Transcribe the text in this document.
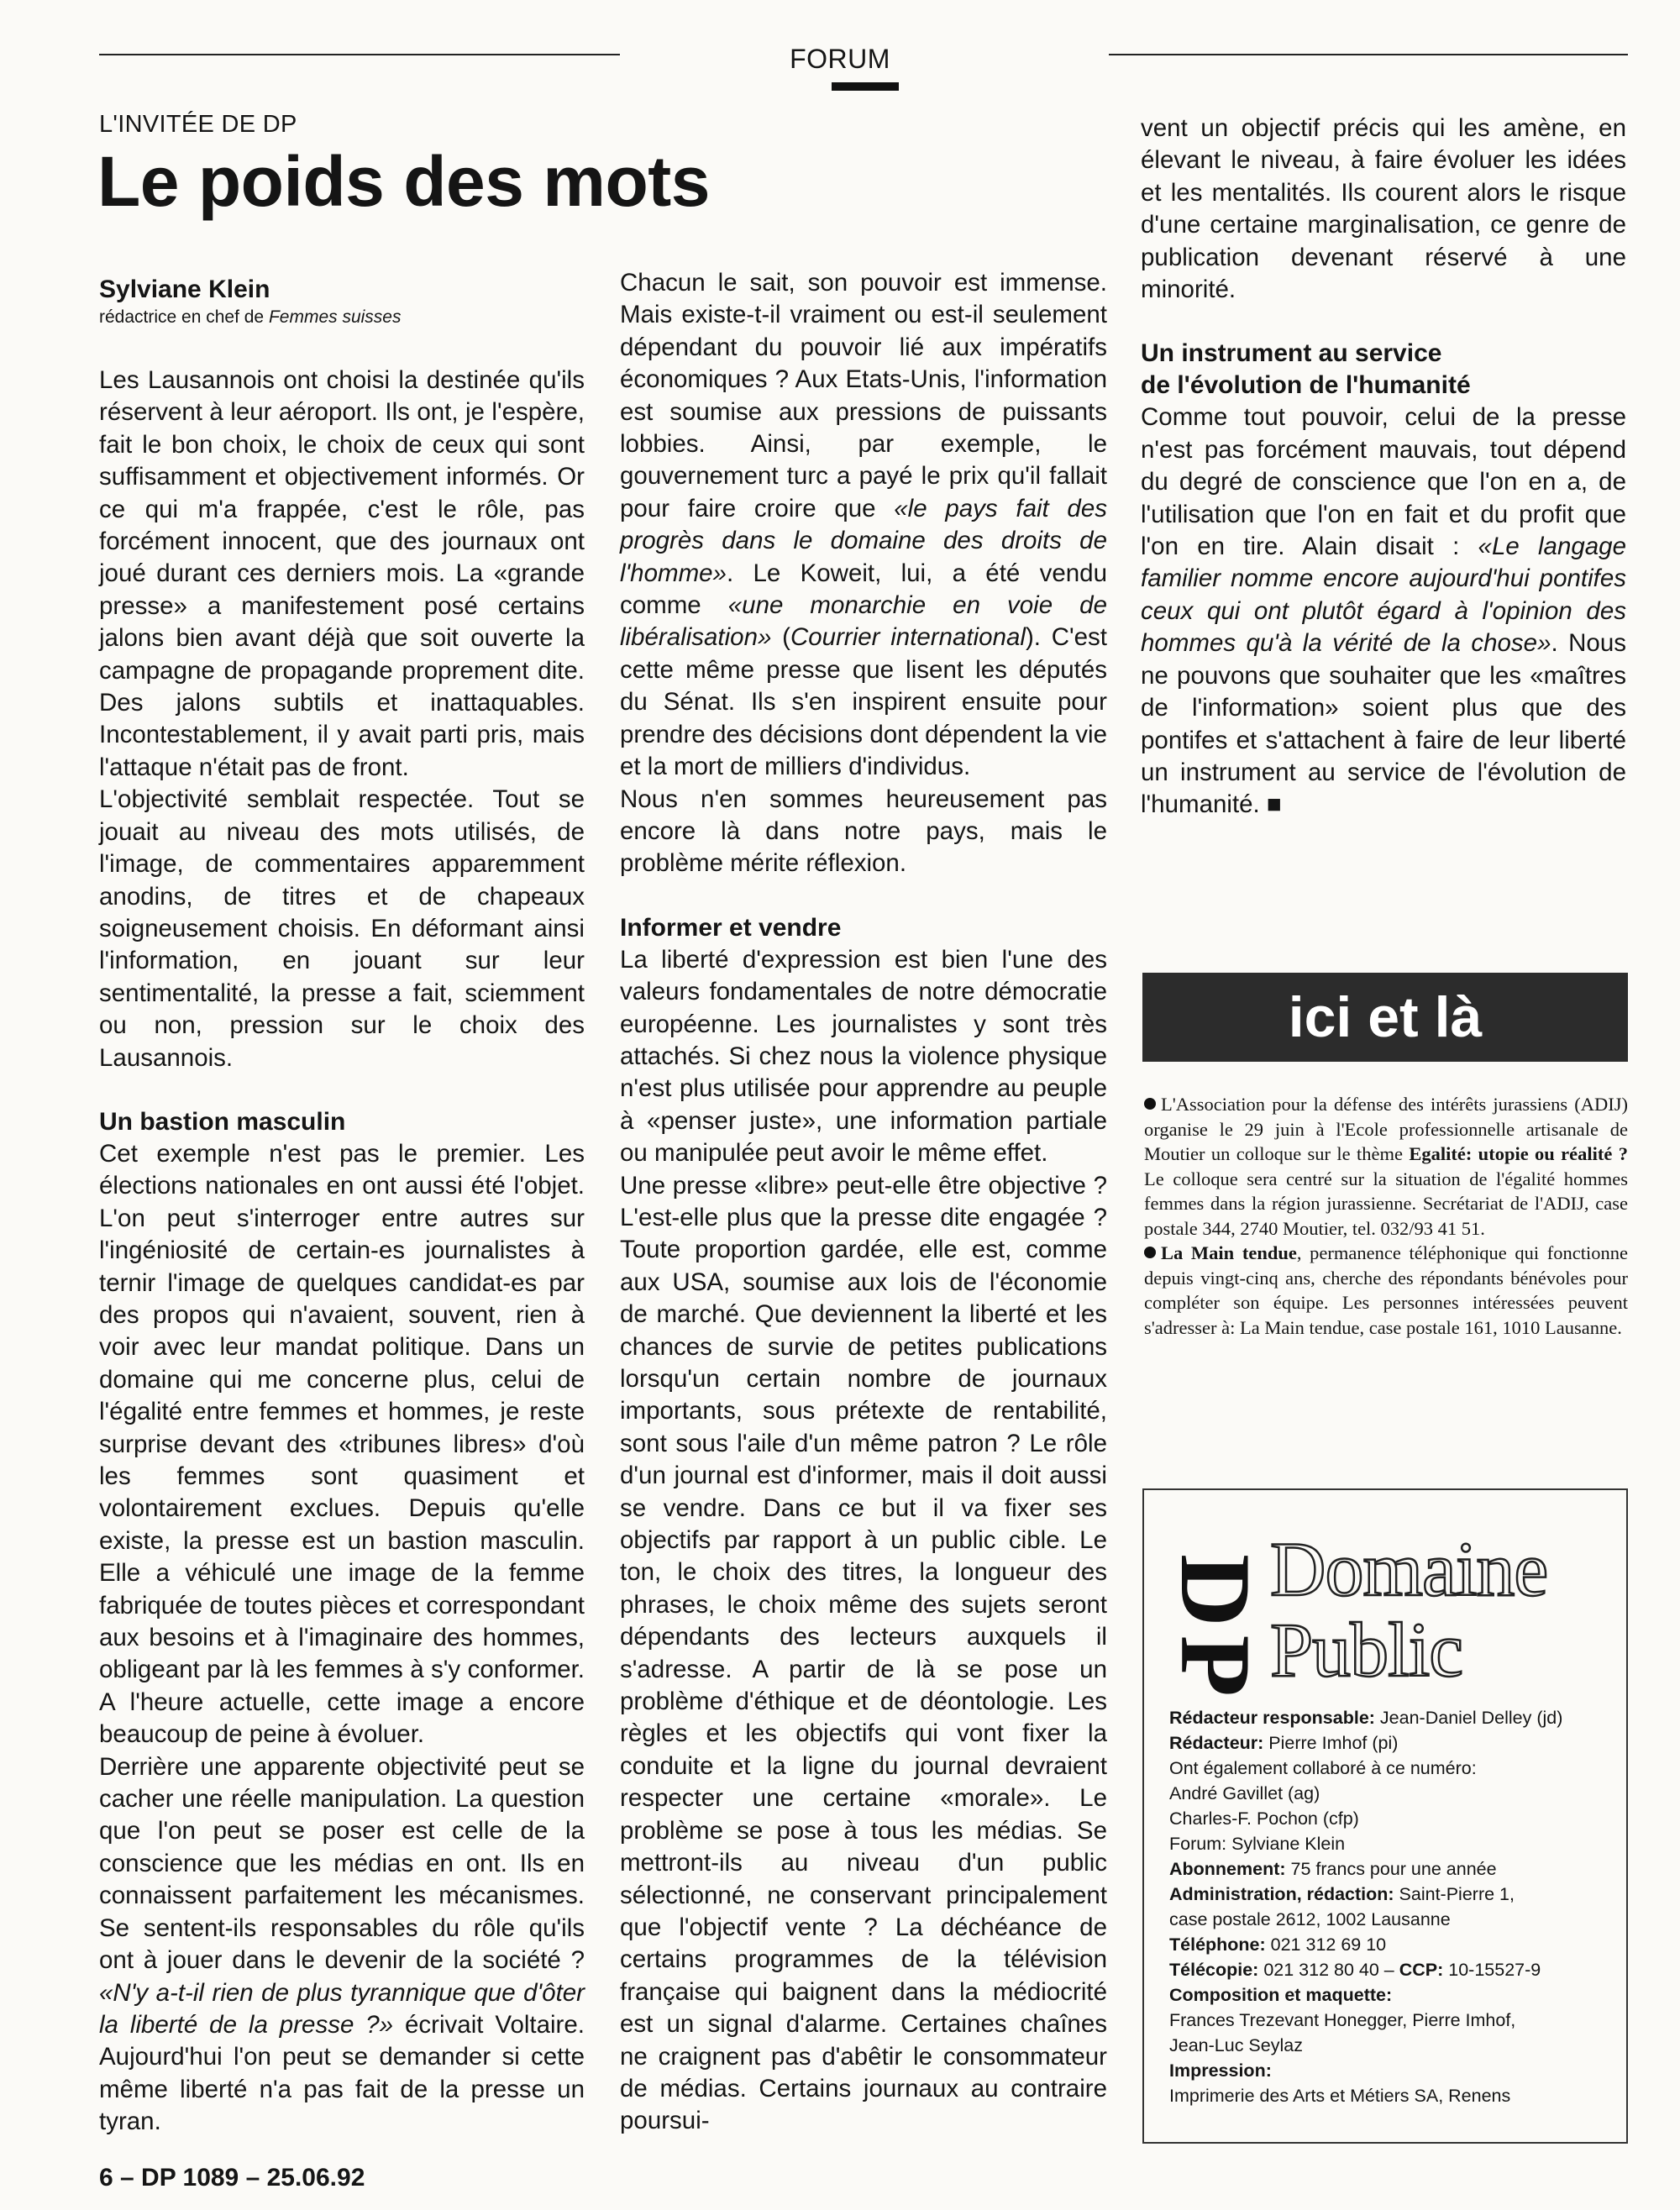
FORUM
L'INVITÉE DE DP
Le poids des mots
Sylviane Klein
rédactrice en chef de Femmes suisses

Les Lausannois ont choisi la destinée qu'ils réservent à leur aéroport. Ils ont, je l'espère, fait le bon choix, le choix de ceux qui sont suffisamment et objectivement informés. Or ce qui m'a frappée, c'est le rôle, pas forcément innocent, que des journaux ont joué durant ces derniers mois. La «grande presse» a manifestement posé certains jalons bien avant déjà que soit ouverte la campagne de propagande proprement dite. Des jalons subtils et inattaquables. Incontestablement, il y avait parti pris, mais l'attaque n'était pas de front.

L'objectivité semblait respectée. Tout se jouait au niveau des mots utilisés, de l'image, de commentaires apparemment anodins, de titres et de chapeaux soigneusement choisis. En déformant ainsi l'information, en jouant sur leur sentimentalité, la presse a fait, sciemment ou non, pression sur le choix des Lausannois.

Un bastion masculin

Cet exemple n'est pas le premier. Les élections nationales en ont aussi été l'objet. L'on peut s'interroger entre autres sur l'ingéniosité de certain-es journalistes à ternir l'image de quelques candidat-es par des propos qui n'avaient, souvent, rien à voir avec leur mandat politique. Dans un domaine qui me concerne plus, celui de l'égalité entre femmes et hommes, je reste surprise devant des «tribunes libres» d'où les femmes sont quasiment et volontairement exclues. Depuis qu'elle existe, la presse est un bastion masculin. Elle a véhiculé une image de la femme fabriquée de toutes pièces et correspondant aux besoins et à l'imaginaire des hommes, obligeant par là les femmes à s'y conformer. A l'heure actuelle, cette image a encore beaucoup de peine à évoluer.

Derrière une apparente objectivité peut se cacher une réelle manipulation. La question que l'on peut se poser est celle de la conscience que les médias en ont. Ils en connaissent parfaitement les mécanismes. Se sentent-ils responsables du rôle qu'ils ont à jouer dans le devenir de la société ? «N'y a-t-il rien de plus tyrannique que d'ôter la liberté de la presse ?» écrivait Voltaire. Aujourd'hui l'on peut se demander si cette même liberté n'a pas fait de la presse un tyran.

Chacun le sait, son pouvoir est immense. Mais existe-t-il vraiment ou est-il seulement dépendant du pouvoir lié aux impératifs économiques ? Aux Etats-Unis, l'information est soumise aux pressions de puissants lobbies. Ainsi, par exemple, le gouvernement turc a payé le prix qu'il fallait pour faire croire que «le pays fait des progrès dans le domaine des droits de l'homme». Le Koweit, lui, a été vendu comme «une monarchie en voie de libéralisation» (Courrier international). C'est cette même presse que lisent les députés du Sénat. Ils s'en inspirent ensuite pour prendre des décisions dont dépendent la vie et la mort de milliers d'individus.

Nous n'en sommes heureusement pas encore là dans notre pays, mais le problème mérite réflexion.

Informer et vendre

La liberté d'expression est bien l'une des valeurs fondamentales de notre démocratie européenne. Les journalistes y sont très attachés. Si chez nous la violence physique n'est plus utilisée pour apprendre au peuple à «penser juste», une information partiale ou manipulée peut avoir le même effet.

Une presse «libre» peut-elle être objective ? L'est-elle plus que la presse dite engagée ? Toute proportion gardée, elle est, comme aux USA, soumise aux lois de l'économie de marché. Que deviennent la liberté et les chances de survie de petites publications lorsqu'un certain nombre de journaux importants, sous prétexte de rentabilité, sont sous l'aile d'un même patron ? Le rôle d'un journal est d'informer, mais il doit aussi se vendre. Dans ce but il va fixer ses objectifs par rapport à un public cible. Le ton, le choix des titres, la longueur des phrases, le choix même des sujets seront dépendants des lecteurs auxquels il s'adresse. A partir de là se pose un problème d'éthique et de déontologie. Les règles et les objectifs qui vont fixer la conduite et la ligne du journal devraient respecter une certaine «morale». Le problème se pose à tous les médias. Se mettront-ils au niveau d'un public sélectionné, ne conservant principalement que l'objectif vente ? La déchéance de certains programmes de la télévision française qui baignent dans la médiocrité est un signal d'alarme. Certaines chaînes ne craignent pas d'abêtir le consommateur de médias. Certains journaux au contraire poursui-

vent un objectif précis qui les amène, en élevant le niveau, à faire évoluer les idées et les mentalités. Ils courent alors le risque d'une certaine marginalisation, ce genre de publication devenant réservé à une minorité.

Un instrument au service
de l'évolution de l'humanité

Comme tout pouvoir, celui de la presse n'est pas forcément mauvais, tout dépend du degré de conscience que l'on en a, de l'utilisation que l'on en fait et du profit que l'on en tire. Alain disait : «Le langage familier nomme encore aujourd'hui pontifes ceux qui ont plutôt égard à l'opinion des hommes qu'à la vérité de la chose». Nous ne pouvons que souhaiter que les «maîtres de l'information» soient plus que des pontifes et s'attachent à faire de leur liberté un instrument au service de l'évolution de l'humanité. ■

ici et là

L'Association pour la défense des intérêts jurassiens (ADIJ) organise le 29 juin à l'Ecole professionnelle artisanale de Moutier un colloque sur le thème Egalité: utopie ou réalité ? Le colloque sera centré sur la situation de l'égalité hommes femmes dans la région jurassienne. Secrétariat de l'ADIJ, case postale 344, 2740 Moutier, tel. 032/93 41 51.

La Main tendue, permanence téléphonique qui fonctionne depuis vingt-cinq ans, cherche des répondants bénévoles pour compléter son équipe. Les personnes intéressées peuvent s'adresser à: La Main tendue, case postale 161, 1010 Lausanne.

DP
Domaine
Public
Rédacteur responsable: Jean-Daniel Delley (jd)
Rédacteur: Pierre Imhof (pi)
Ont également collaboré à ce numéro:
André Gavillet (ag)
Charles-F. Pochon (cfp)
Forum: Sylviane Klein
Abonnement: 75 francs pour une année
Administration, rédaction: Saint-Pierre 1,
case postale 2612, 1002 Lausanne
Téléphone: 021 312 69 10
Télécopie: 021 312 80 40 – CCP: 10-15527-9
Composition et maquette:
Frances Trezevant Honegger, Pierre Imhof,
Jean-Luc Seylaz
Impression:
Imprimerie des Arts et Métiers SA, Renens
6 – DP 1089 – 25.06.92
